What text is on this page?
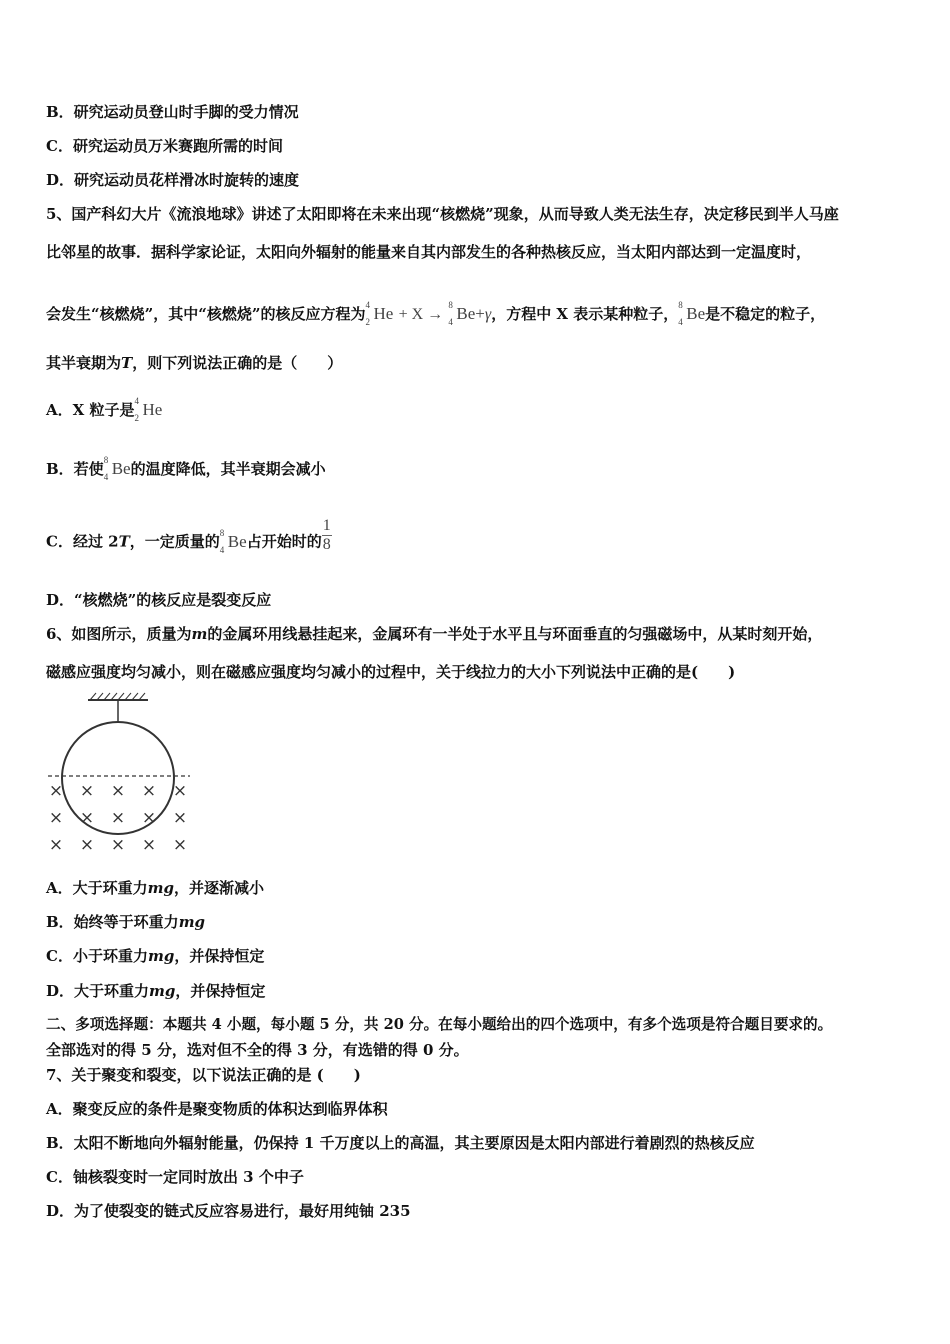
B．研究运动员登山时手脚的受力情况
C．研究运动员万米赛跑所需的时间
D．研究运动员花样滑冰时旋转的速度
5、国产科幻大片《流浪地球》讲述了太阳即将在未来出现“核燃烧”现象，从而导致人类无法生存，决定移民到半人马座
比邻星的故事．据科学家论证，太阳向外辐射的能量来自其内部发生的各种热核反应，当太阳内部达到一定温度时，
会发生“核燃烧”，其中“核燃烧”的核反应方程为 4
2 He + X →
8
4 Be+γ，方程中 X 表示某种粒子， 8
4 Be是不稳定的粒子，
其半衰期为T，则下列说法正确的是（　　）
A．X 粒子是 4
2 He
B．若使 8
4 Be的温度降低，其半衰期会减小
C．经过 2T，一定质量的 8
4 Be占开始时的 $\frac{1}{8}$
D．“核燃烧”的核反应是裂变反应
6、如图所示，质量为m的金属环用线悬挂起来，金属环有一半处于水平且与环面垂直的匀强磁场中，从某时刻开始，
磁感应强度均匀减小，则在磁感应强度均匀减小的过程中，关于线拉力的大小下列说法中正确的是(　　)
× × × × ×
× × × × ×
× × × × ×
A．大于环重力mg，并逐渐减小
B．始终等于环重力mg
C．小于环重力mg，并保持恒定
D．大于环重力mg，并保持恒定
二、多项选择题：本题共 4 小题，每小题 5 分，共 20 分。在每小题给出的四个选项中，有多个选项是符合题目要求的。
全部选对的得 5 分，选对但不全的得 3 分，有选错的得 0 分。
7、关于聚变和裂变，以下说法正确的是 (　　)
A．聚变反应的条件是聚变物质的体积达到临界体积
B．太阳不断地向外辐射能量，仍保持 1 千万度以上的高温，其主要原因是太阳内部进行着剧烈的热核反应
C．铀核裂变时一定同时放出 3 个中子
D．为了使裂变的链式反应容易进行，最好用纯铀 235
